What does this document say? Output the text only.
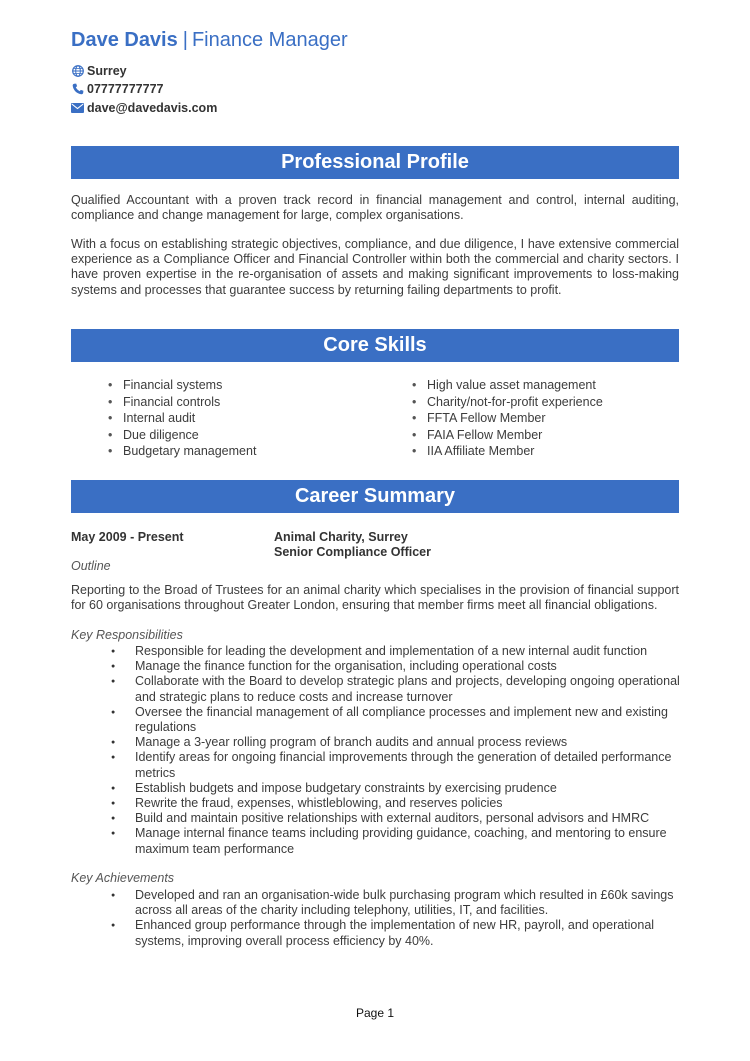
Dave Davis | Finance Manager
Surrey
07777777777
dave@davedavis.com
Professional Profile
Qualified Accountant with a proven track record in financial management and control, internal auditing, compliance and change management for large, complex organisations.
With a focus on establishing strategic objectives, compliance, and due diligence, I have extensive commercial experience as a Compliance Officer and Financial Controller within both the commercial and charity sectors. I have proven expertise in the re-organisation of assets and making significant improvements to loss-making systems and processes that guarantee success by returning failing departments to profit.
Core Skills
• Financial systems
• Financial controls
• Internal audit
• Due diligence
• Budgetary management
• High value asset management
• Charity/not-for-profit experience
• FFTA Fellow Member
• FAIA Fellow Member
• IIA Affiliate Member
Career Summary
May 2009 - Present	Animal Charity, Surrey
Senior Compliance Officer
Outline
Reporting to the Broad of Trustees for an animal charity which specialises in the provision of financial support for 60 organisations throughout Greater London, ensuring that member firms meet all financial obligations.
Key Responsibilities
● Responsible for leading the development and implementation of a new internal audit function
● Manage the finance function for the organisation, including operational costs
● Collaborate with the Board to develop strategic plans and projects, developing ongoing operational and strategic plans to reduce costs and increase turnover
● Oversee the financial management of all compliance processes and implement new and existing regulations
● Manage a 3-year rolling program of branch audits and annual process reviews
● Identify areas for ongoing financial improvements through the generation of detailed performance metrics
● Establish budgets and impose budgetary constraints by exercising prudence
● Rewrite the fraud, expenses, whistleblowing, and reserves policies
● Build and maintain positive relationships with external auditors, personal advisors and HMRC
● Manage internal finance teams including providing guidance, coaching, and mentoring to ensure maximum team performance
Key Achievements
● Developed and ran an organisation-wide bulk purchasing program which resulted in £60k savings across all areas of the charity including telephony, utilities, IT, and facilities.
● Enhanced group performance through the implementation of new HR, payroll, and operational systems, improving overall process efficiency by 40%.
Page 1
